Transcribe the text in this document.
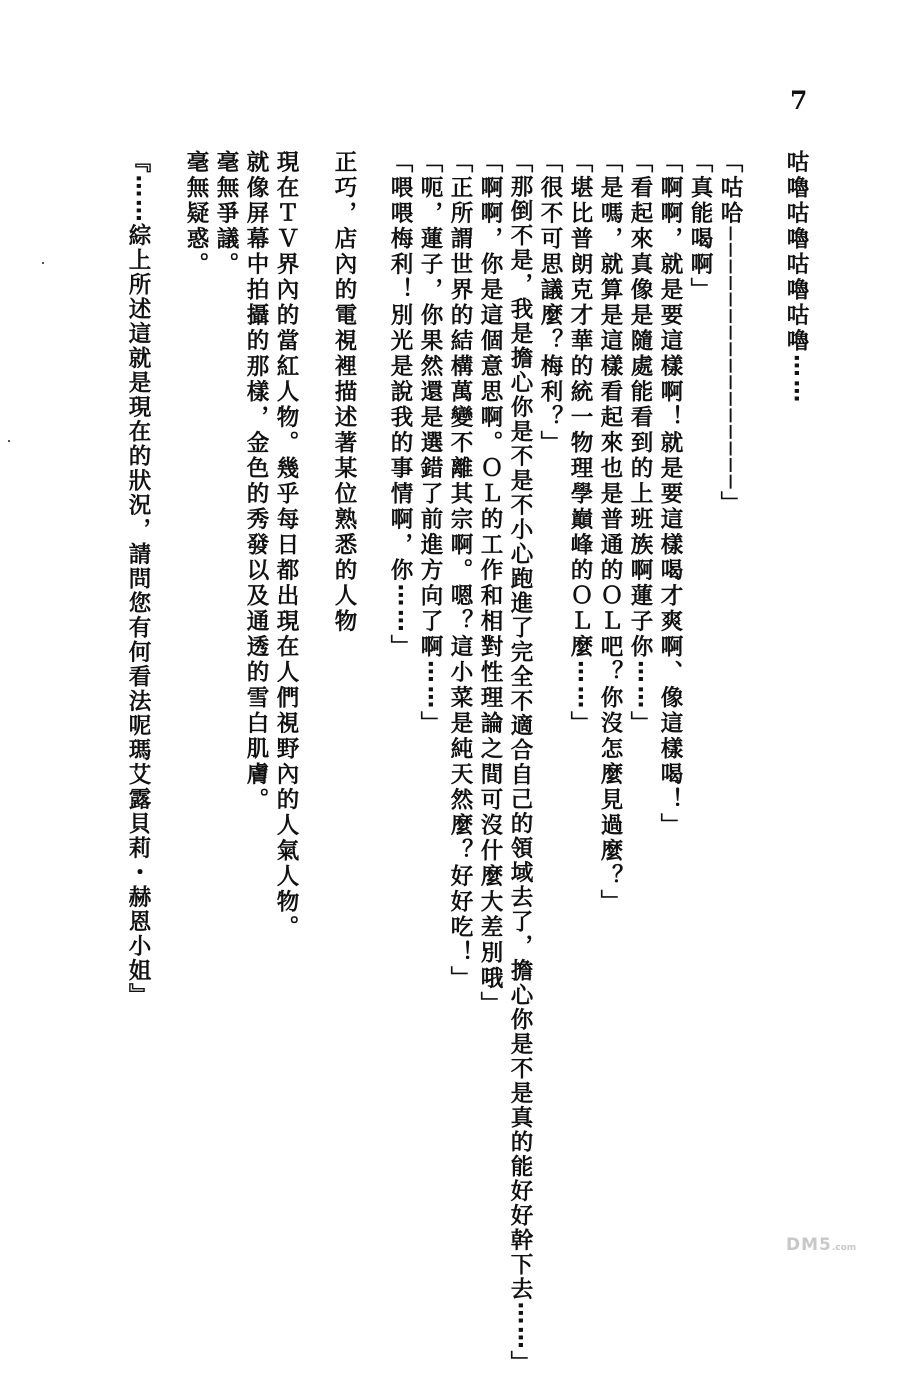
7
咕嚕咕嚕咕嚕咕嚕⋯⋯
「咕哈────────────────」
「真能喝啊」
「啊啊，就是要這樣啊！就是要這樣喝才爽啊、像這樣喝！」
「看起來真像是隨處能看到的上班族啊蓮子你⋯⋯」
「是嗎，就算是這樣看起來也是普通的ＯＬ吧？你沒怎麼見過麼？」
「堪比普朗克才華的統一物理學巔峰的ＯＬ麼⋯⋯」
「很不可思議麼？梅利？」
「那倒不是，我是擔心你是不是不小心跑進了完全不適合自己的領域去了，擔心你是不是真的能好好幹下去⋯⋯」
「啊啊，你是這個意思啊。ＯＬ的工作和相對性理論之間可沒什麼大差別哦」
「正所謂世界的結構萬變不離其宗啊。嗯？這小菜是純天然麼？好好吃！」
「呃，蓮子，你果然還是選錯了前進方向了啊⋯⋯」
「喂喂梅利！別光是說我的事情啊，你⋯⋯」
正巧，店內的電視裡描述著某位熟悉的人物
現在ＴＶ界內的當紅人物。幾乎每日都出現在人們視野內的人氣人物。
就像屏幕中拍攝的那樣，金色的秀發以及通透的雪白肌膚。
毫無爭議。
毫無疑惑。
『⋯⋯綜上所述這就是現在的狀況，請問您有何看法呢瑪艾露貝莉・赫恩小姐』
DM5.com
